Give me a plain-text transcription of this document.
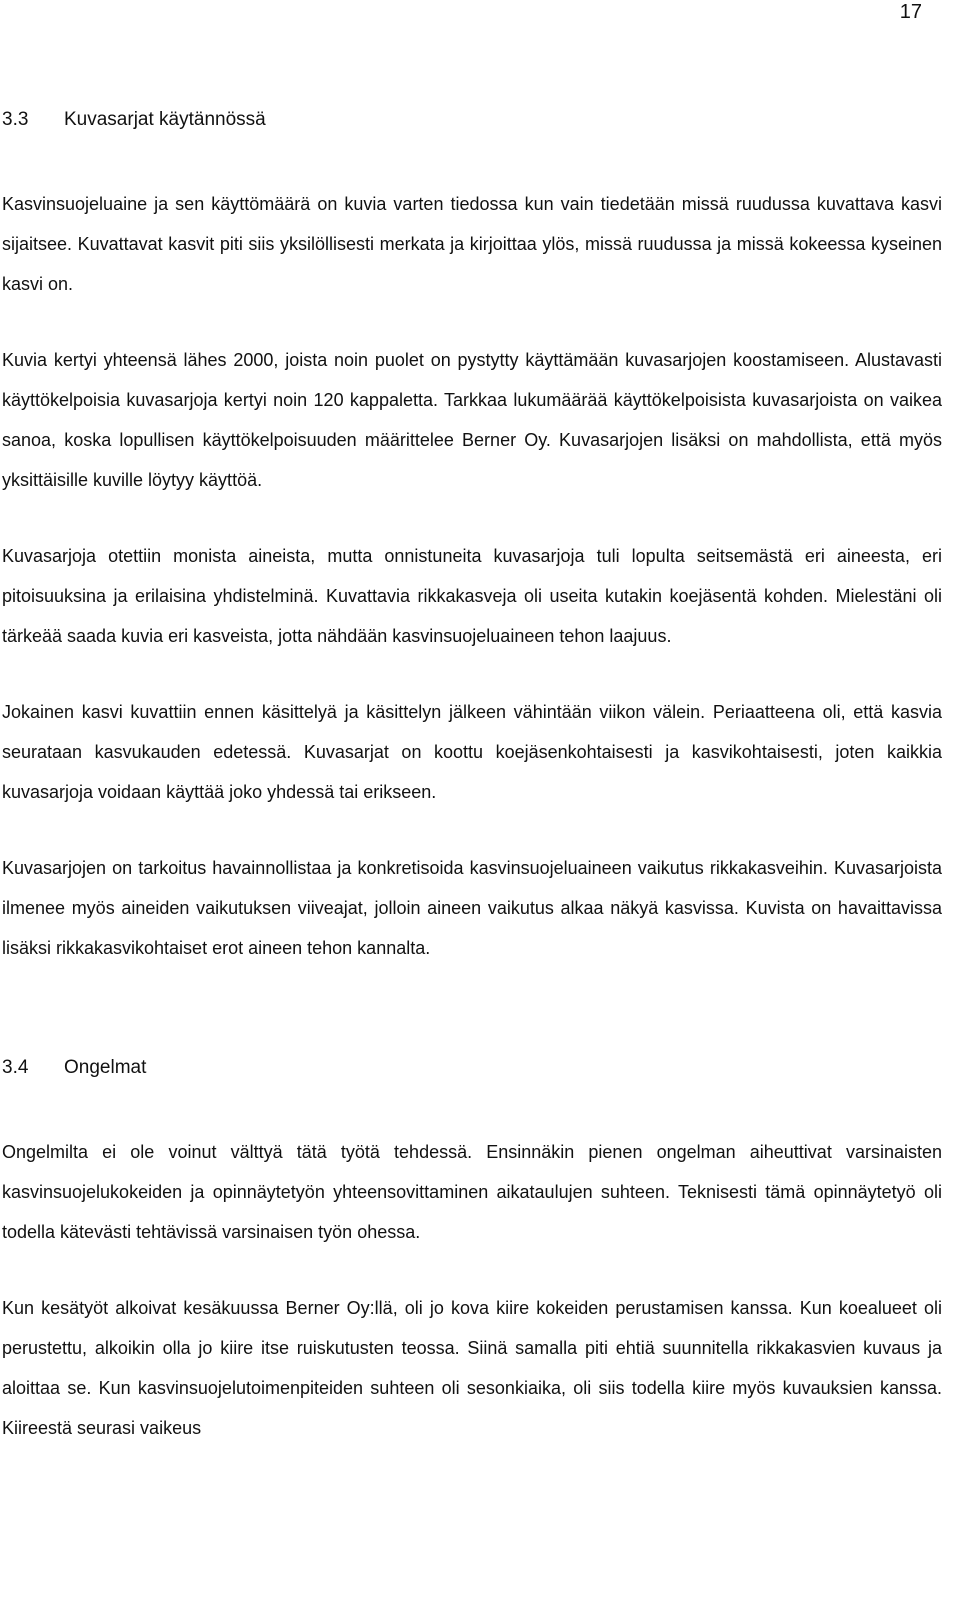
17
3.3	Kuvasarjat käytännössä

Kasvinsuojeluaine ja sen käyttömäärä on kuvia varten tiedossa kun vain tiedetään missä ruudussa kuvattava kasvi sijaitsee. Kuvattavat kasvit piti siis yksilöllisesti merkata ja kirjoittaa ylös, missä ruudussa ja missä kokeessa kyseinen kasvi on.

Kuvia kertyi yhteensä lähes 2000, joista noin puolet on pystytty käyttämään kuvasarjojen koostamiseen. Alustavasti käyttökelpoisia kuvasarjoja kertyi noin 120 kappaletta. Tarkkaa lukumäärää käyttökelpoisista kuvasarjoista on vaikea sanoa, koska lopullisen käyttökelpoisuuden määrittelee Berner Oy. Kuvasarjojen lisäksi on mahdollista, että myös yksittäisille kuville löytyy käyttöä.

Kuvasarjoja otettiin monista aineista, mutta onnistuneita kuvasarjoja tuli lopulta seitsemästä eri aineesta, eri pitoisuuksina ja erilaisina yhdistelminä. Kuvattavia rikkakasveja oli useita kutakin koejäsentä kohden. Mielestäni oli tärkeää saada kuvia eri kasveista, jotta nähdään kasvinsuojeluaineen tehon laajuus.

Jokainen kasvi kuvattiin ennen käsittelyä ja käsittelyn jälkeen vähintään viikon välein. Periaatteena oli, että kasvia seurataan kasvukauden edetessä. Kuvasarjat on koottu koejäsenkohtaisesti ja kasvikohtaisesti, joten kaikkia kuvasarjoja voidaan käyttää joko yhdessä tai erikseen.

Kuvasarjojen on tarkoitus havainnollistaa ja konkretisoida kasvinsuojeluaineen vaikutus rikkakasveihin. Kuvasarjoista ilmenee myös aineiden vaikutuksen viiveajat, jolloin aineen vaikutus alkaa näkyä kasvissa. Kuvista on havaittavissa lisäksi rikkakasvikohtaiset erot aineen tehon kannalta.

3.4	Ongelmat

Ongelmilta ei ole voinut välttyä tätä työtä tehdessä. Ensinnäkin pienen ongelman aiheuttivat varsinaisten kasvinsuojelukokeiden ja opinnäytetyön yhteensovittaminen aikataulujen suhteen. Teknisesti tämä opinnäytetyö oli todella kätevästi tehtävissä varsinaisen työn ohessa.

Kun kesätyöt alkoivat kesäkuussa Berner Oy:llä, oli jo kova kiire kokeiden perustamisen kanssa. Kun koealueet oli perustettu, alkoikin olla jo kiire itse ruiskutusten teossa. Siinä samalla piti ehtiä suunnitella rikkakasvien kuvaus ja aloittaa se. Kun kasvinsuojelutoimenpiteiden suhteen oli sesonkiaika, oli siis todella kiire myös kuvauksien kanssa. Kiireestä seurasi vaikeus
